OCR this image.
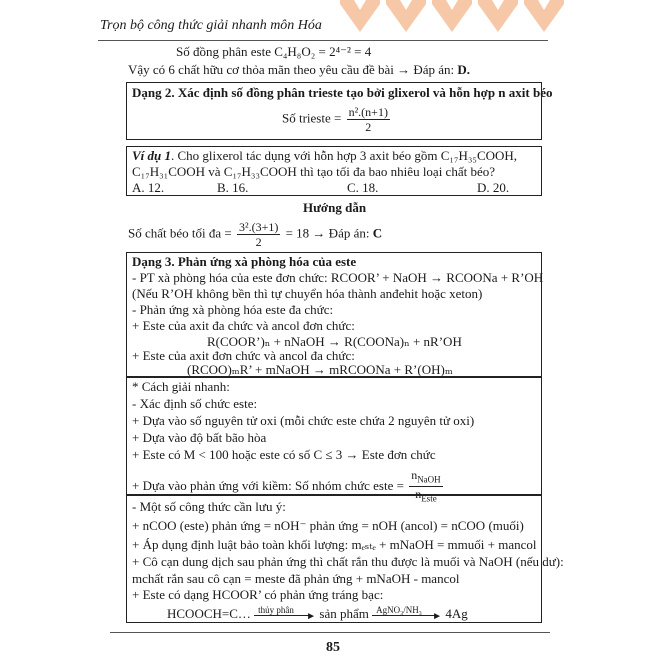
Trọn bộ công thức giải nhanh môn Hóa
Số đồng phân este C₄H₈O₂ = 2⁴⁻² = 4
Vậy có 6 chất hữu cơ thỏa mãn theo yêu cầu đề bài → Đáp án: D.
Dạng 2. Xác định số đồng phân trieste tạo bởi glixerol và hỗn hợp n axit béo
Số trieste = $\frac{\text{n².(n+1)}}{2}$
Ví dụ 1. Cho glixerol tác dụng với hỗn hợp 3 axit béo gồm C₁₇H₃₅COOH,
C₁₇H₃₁COOH và C₁₇H₃₃COOH thì tạo tối đa bao nhiêu loại chất béo?
A. 12.	B. 16.	C. 18.	D. 20.
Hướng dẫn
Số chất béo tối đa = $\frac{\text{3².(3+1)}}{2} = 18$ → Đáp án: C
Dạng 3. Phản ứng xà phòng hóa của este
- PT xà phòng hóa của este đơn chức: RCOOR’ + NaOH → RCOONa + R’OH
(Nếu R’OH không bền thì tự chuyển hóa thành anđehit hoặc xeton)
- Phản ứng xà phòng hóa este đa chức:
+ Este của axit đa chức và ancol đơn chức:
R(COOR’)ₙ + nNaOH → R(COONa)ₙ + nR’OH
+ Este của axit đơn chức và ancol đa chức:
(RCOO)ₘR’ + mNaOH → mRCOONa + R’(OH)ₘ
* Cách giải nhanh:
- Xác định số chức este:
+ Dựa vào số nguyên tử oxi (mỗi chức este chứa 2 nguyên tử oxi)
+ Dựa vào độ bất bão hòa
+ Este có M < 100 hoặc este có số C ≤ 3 → Este đơn chức
+ Dựa vào phản ứng với kiềm: Số nhóm chức este = $\frac{n_{NaOH}}{n_{Este}}$
- Một số công thức cần lưu ý:
+ nCOO (este) phản ứng = nOH⁻ phản ứng = nOH (ancol) = nCOO (muối)
+ Áp dụng định luật bảo toàn khối lượng: mₑₛₜₑ + mNaOH = mmuối + mancol
+ Cô cạn dung dịch sau phản ứng thì chất rắn thu được là muối và NaOH (nếu dư):
mchất rắn sau cô cạn = meste đã phản ứng + mNaOH - mancol
+ Este có dạng HCOOR’ có phản ứng tráng bạc:
HCOOCH=C… thủy phân
► sản phẩm AgNO₃/NH₃
► 4Ag
85
